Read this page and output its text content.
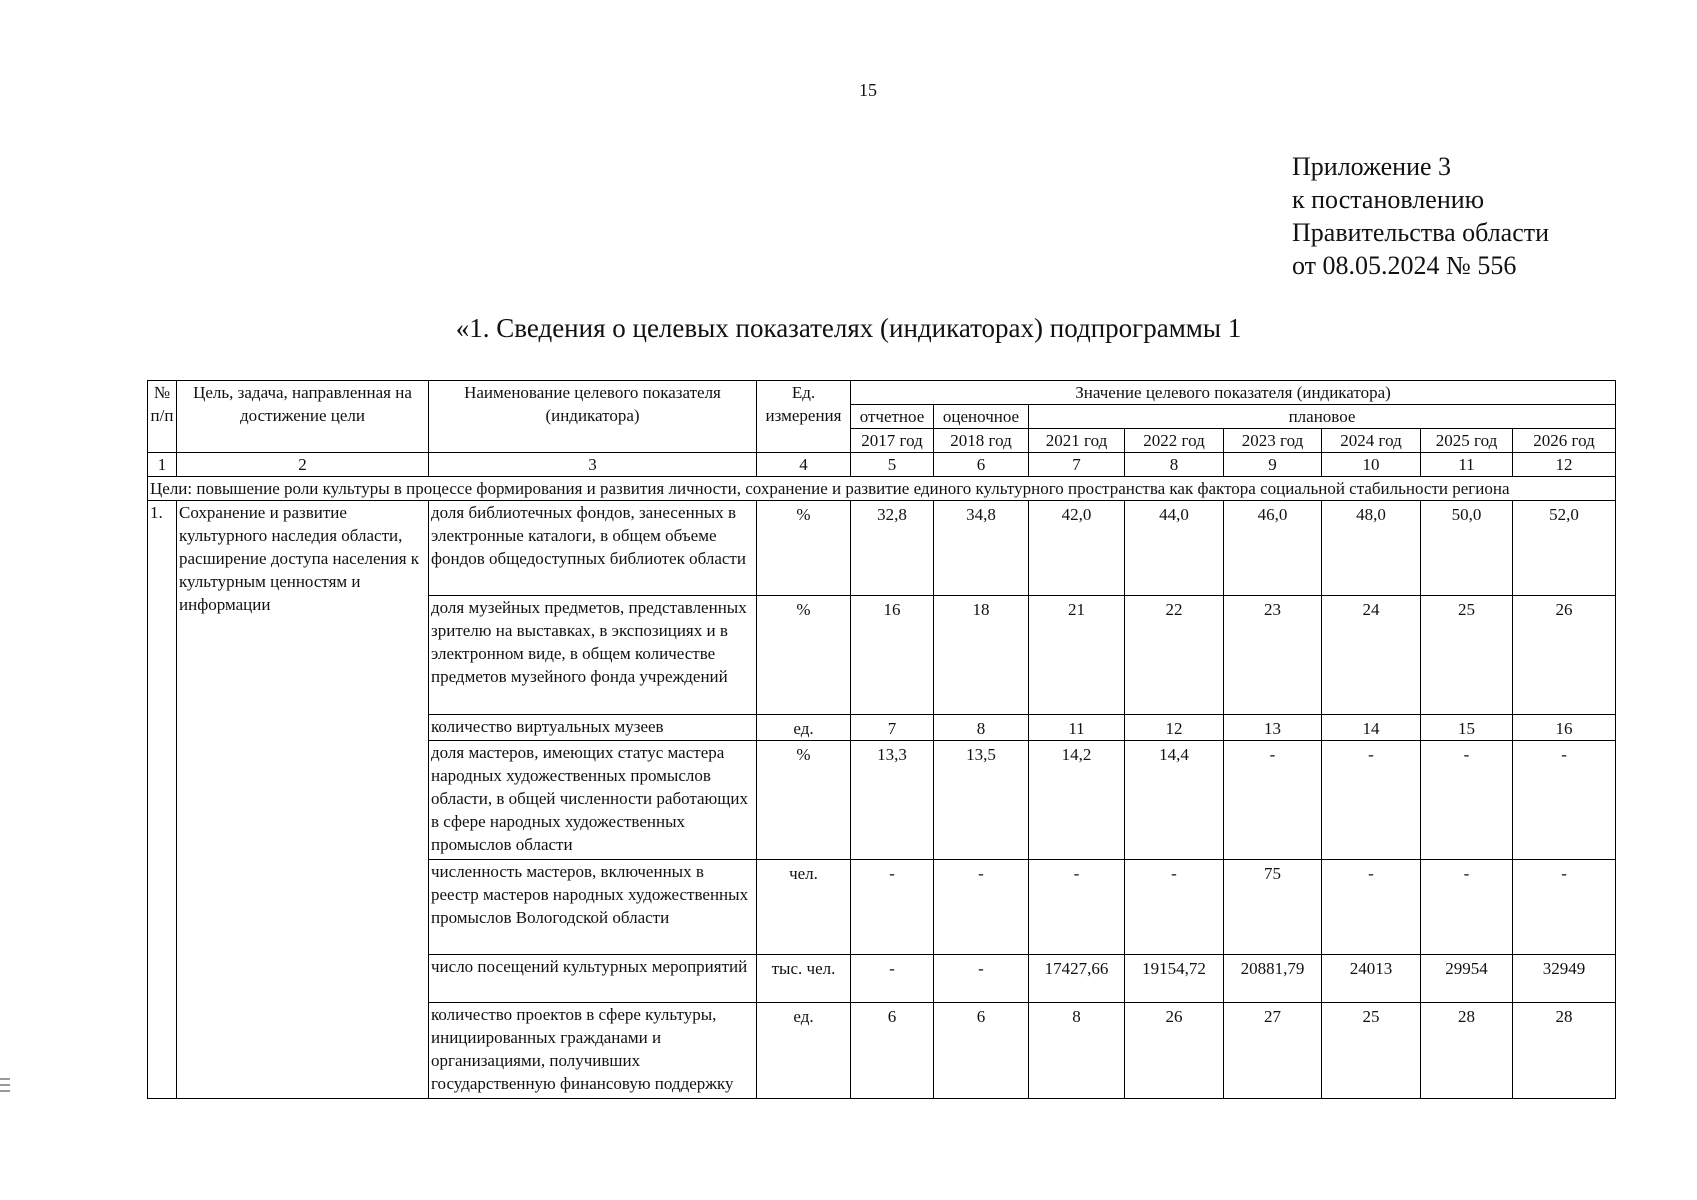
15
Приложение 3
к постановлению
Правительства области
от 08.05.2024 № 556
«1. Сведения о целевых показателях (индикаторах) подпрограммы 1
№ п/п	Цель, задача, направленная на достижение цели	Наименование целевого показателя (индикатора)	Ед. измерения	Значение целевого показателя (индикатора)							
				отчетное	оценочное	плановое					
				2017 год	2018 год	2021 год	2022 год	2023 год	2024 год	2025 год	2026 год
1	2	3	4	5	6	7	8	9	10	11	12
Цели: повышение роли культуры в процессе формирования и развития личности, сохранение и развитие единого культурного пространства как фактора социальной стабильности региона											
1.	Сохранение и развитие культурного наследия области, расширение доступа населения к культурным ценностям и информации	доля библиотечных фондов, занесенных в электронные каталоги, в общем объеме фондов общедоступных библиотек области	%	32,8	34,8	42,0	44,0	46,0	48,0	50,0	52,0
		доля музейных предметов, представленных зрителю на выставках, в экспозициях и в электронном виде, в общем количестве предметов музейного фонда учреждений	%	16	18	21	22	23	24	25	26
		количество виртуальных музеев	ед.	7	8	11	12	13	14	15	16
		доля мастеров, имеющих статус мастера народных художественных промыслов области, в общей численности работающих в сфере народных художественных промыслов области	%	13,3	13,5	14,2	14,4	-	-	-	-
		численность мастеров, включенных в реестр мастеров народных художественных промыслов Вологодской области	чел.	-	-	-	-	75	-	-	-
		число посещений культурных мероприятий	тыс. чел.	-	-	17427,66	19154,72	20881,79	24013	29954	32949
		количество проектов в сфере культуры, инициированных гражданами и организациями, получивших государственную финансовую поддержку	ед.	6	6	8	26	27	25	28	28
